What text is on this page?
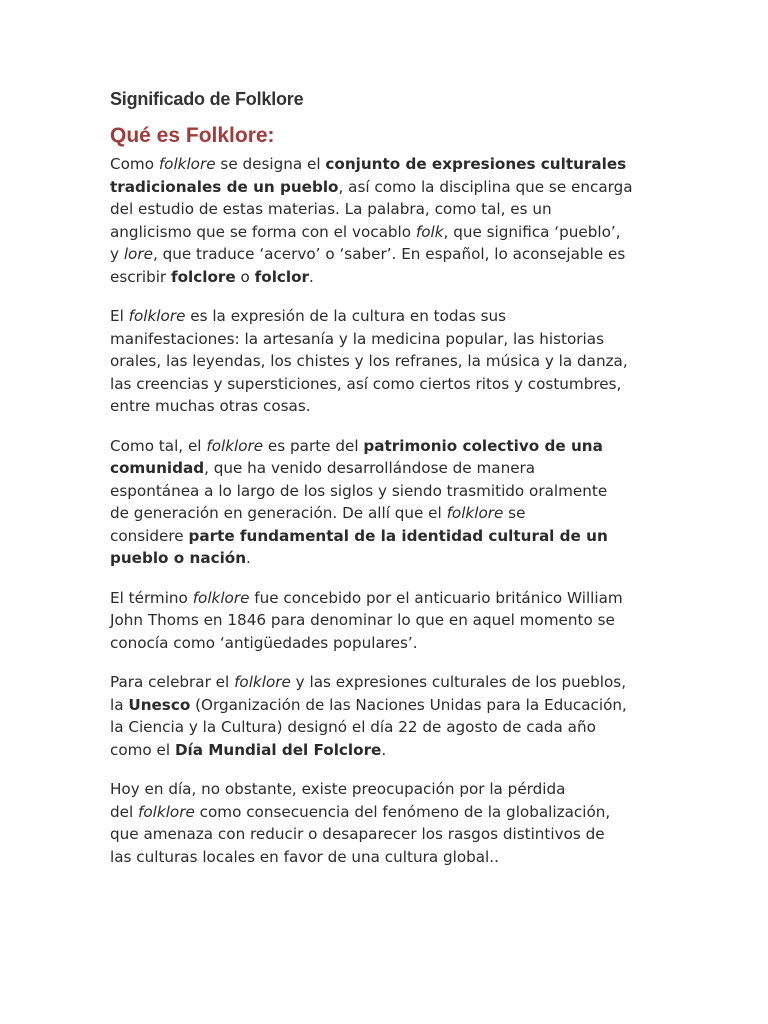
Significado de Folklore
Qué es Folklore:

Como folklore se designa el conjunto de expresiones culturales
tradicionales de un pueblo, así como la disciplina que se encarga
del estudio de estas materias. La palabra, como tal, es un
anglicismo que se forma con el vocablo folk, que significa ‘pueblo’,
y lore, que traduce ‘acervo’ o ‘saber’. En español, lo aconsejable es
escribir folclore o folclor.

El folklore es la expresión de la cultura en todas sus
manifestaciones: la artesanía y la medicina popular, las historias
orales, las leyendas, los chistes y los refranes, la música y la danza,
las creencias y supersticiones, así como ciertos ritos y costumbres,
entre muchas otras cosas.

Como tal, el folklore es parte del patrimonio colectivo de una
comunidad, que ha venido desarrollándose de manera
espontánea a lo largo de los siglos y siendo trasmitido oralmente
de generación en generación. De allí que el folklore se
considere parte fundamental de la identidad cultural de un
pueblo o nación.

El término folklore fue concebido por el anticuario británico William
John Thoms en 1846 para denominar lo que en aquel momento se
conocía como ‘antigüedades populares’.

Para celebrar el folklore y las expresiones culturales de los pueblos,
la Unesco (Organización de las Naciones Unidas para la Educación,
la Ciencia y la Cultura) designó el día 22 de agosto de cada año
como el Día Mundial del Folclore.

Hoy en día, no obstante, existe preocupación por la pérdida
del folklore como consecuencia del fenómeno de la globalización,
que amenaza con reducir o desaparecer los rasgos distintivos de
las culturas locales en favor de una cultura global..
